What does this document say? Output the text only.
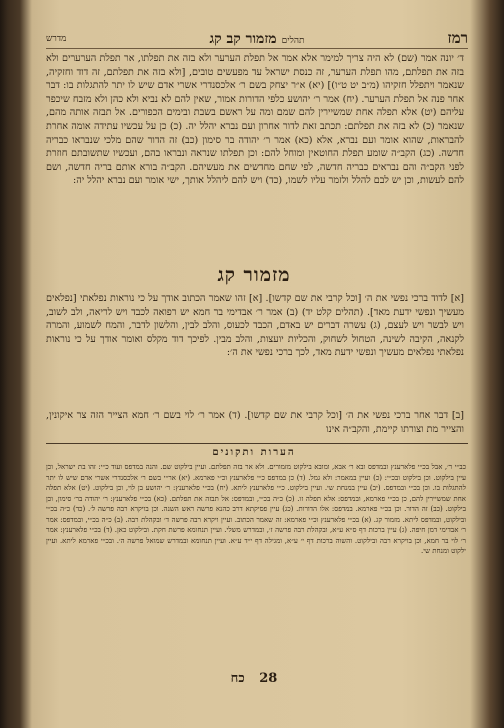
רמז
תהלים מזמור קב קג
מדרש
ד׳ יונה אמר (שם) לא היה צריך למימר אלא אמר אל תפלת הערער ולא בזה את תפלתו, אר תפלת הערערים ולא בזה את תפלתם, מהו תפלת הערער, זה כנסת ישראל עד מפעשים טובים, [ולא בזה את תפלתם, זה דוד וחזקיה, שנאמר ויתפלל חזקיהו (מ״ב יט ט״ו)] (יא) א״ר יצחק בשם ר׳ אלכסנדרי אשרי אדם שיש לו יתר להתגלות בו: דבר אחר פנה אל תפלת הערער. (יח) אמר ר׳ יהושע כלפי הדורות אמור, שאין להם לא נביא ולא כהן ולא מזבח שיכפר עליהם (יט) אלא תפלה אחת שמשיירין להם שמם ומה על ראשם בשבת ובימים הכפורים. אל תבזה אותה מהם, שנאמר (כ) לא בזה את תפלתם: תכתב זאת לדור אחרון ועם נברא יהלל יה. (כ) כן על עכשיו עתידה אומה אחרת להבראות, שהוא אומר ועם נברא, אלא (כא) אמר ר׳ יהודה בר סימון (כב) זה הדור שהם מלכי שנבראו כבריה חדשה. (כג) הקב״ה שומע תפלת החוטאין ומוחל להם: וכן תפלתו שנראה ונבראו בהם, ועכשיו שתשובתם חוזרת לפני הקב״ה והם נבראים כבריה חדשה, לפי שחם מחדשים את מעשיהם. הקב״ה בורא אותם בריה חדשה, ושם להם לעשות, וכן יש לבם להלל ולזמר עליו לשמו, (כד) ויש להם ליהלל אותך, ישי אומר ועם נברא יהלל יה:
מזמור קג
[א] לדוד ברכי נפשי את ה׳ [וכל קרבי את שם קדשו]. [א] זהו שאמר הכתוב אודך על כי נוראות נפלאתי [נפלאים מעשיך ונפשי ידעת מאד]. (תהלים קלט יד) (ב) אמר ר׳ אבדימי בר חמא יש רפואה לכבד ויש לריאה, ולב לשוב, ויש לבשר ויש לעצם, (ג) עשרה דברים יש באדם, הכבד לכעוס, והלב לבין, והלשון לדבר, והמח לשמוע, והמרה לקנאה, הקיבה לשינה, הטחול לשחוק, והכליות יועצות, והלב מבין. לפיכך דוד מקלס ואומר אודך על כי נוראות נפלאתי נפלאים מעשיך ונפשי ידעת מאד, לכך ברכי נפשי את ה׳:
[ב] דבר אחר ברכי נפשי את ה׳ [וכל קרבי את שם קדשו]. (ד) אמר ר׳ לוי בשם ר׳ חמא הצייר הזה צר איקונין, והצייר מת וצורתו קיימת, והקב״ה אינו
הערות ותקונים
כב״י ר׳, אבל בכ״י פלארענץ ובמדפס ובא ר׳ אבא, ומובא בילקוט מזמורים. ולא אר בזה תפלתם. ועיין בילקוט שם. והנה במדפס ועוד כ״י: זהו בת ישראל, וכן עיין בילקוט. וכן בילקוט ובכ״י: (כ) ועיין במאמר: ולא גמל. (ד) כן במדפס כ״י פלארענץ וכ״י פארמא. (יא) אר״י בשם ר׳ אלכסנדרי אשרי אדם שיש לו יתר להתגלות בו. וכן בכ״י ובמדפס. (יב) עיין במנחת שי. ועיין בילקוט. כ״י פלארענץ ליתא. (יח) בכ״י פלארענץ: ר׳ יהושע בן לוי, וכן בילקוט. (יט) אלא תפלה אחת שמשיירין להם, כן בכ״י פארמא, ובמדפס: אלא תפלה זו. (כ) כ״ה בכ״י, ובמדפס: אל תבזה את תפלתם. (כא) בכ״י פלארענץ: ר׳ יהודה בר׳ סימון, וכן בילקוט. (כב) זה הדור. וכן בכ״י פארמא. במדפס: אלו הדורות. (כג) עיין פסיקתא דרב כהנא פרשה ראש השנה. וכן בויקרא רבה פרשה ל׳. (כד) כ״ה בכ״י ובילקוט, ובמדפס ליתא. מזמור קג. (א) בכ״י פלארענץ וכ״י פארמא: זה שאמר הכתוב. ועיין ויקרא רבה פרשה ד׳ ובקהלת רבה. (ב) כ״ה בכ״י, ובמדפס: אמר ר׳ אבדימי דמן חיפה. (ג) עיין ברכות דף ס״א ע״א, ובקהלת רבה פרשה ז׳, ובמדרש משלי. ועיין תנחומא פרשת חקת. ובילקוט כאן. (ד) בכ״י פלארענץ: אמר ר׳ לוי בר חמא, וכן בויקרא רבה ובילקוט. והשוה ברכות דף י׳ ע״א, ומגילה דף י״ד ע״א. ועיין תנחומא ובמדרש שמואל פרשה ה׳. ובכ״י פארמא ליתא. ועיין ילקוט ומנחת שי.
28 כח
